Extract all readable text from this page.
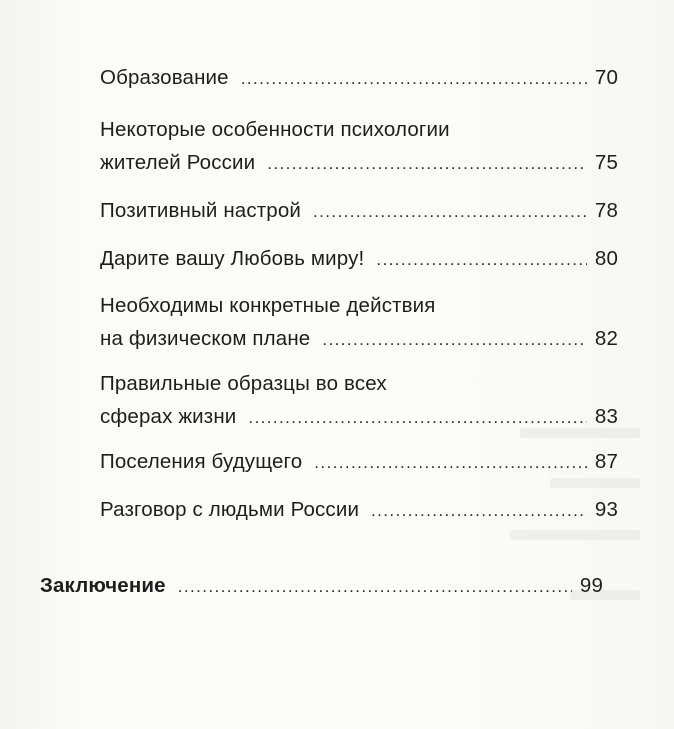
Образование .....	70
Некоторые особенности психологии
жителей России .....	75
Позитивный настрой .....	78
Дарите вашу Любовь миру! .....	80
Необходимы конкретные действия
на физическом плане .....	82
Правильные образцы во всех
сферах жизни .....	83
Поселения будущего .....	87
Разговор с людьми России .....	93
Заключение .....	99
